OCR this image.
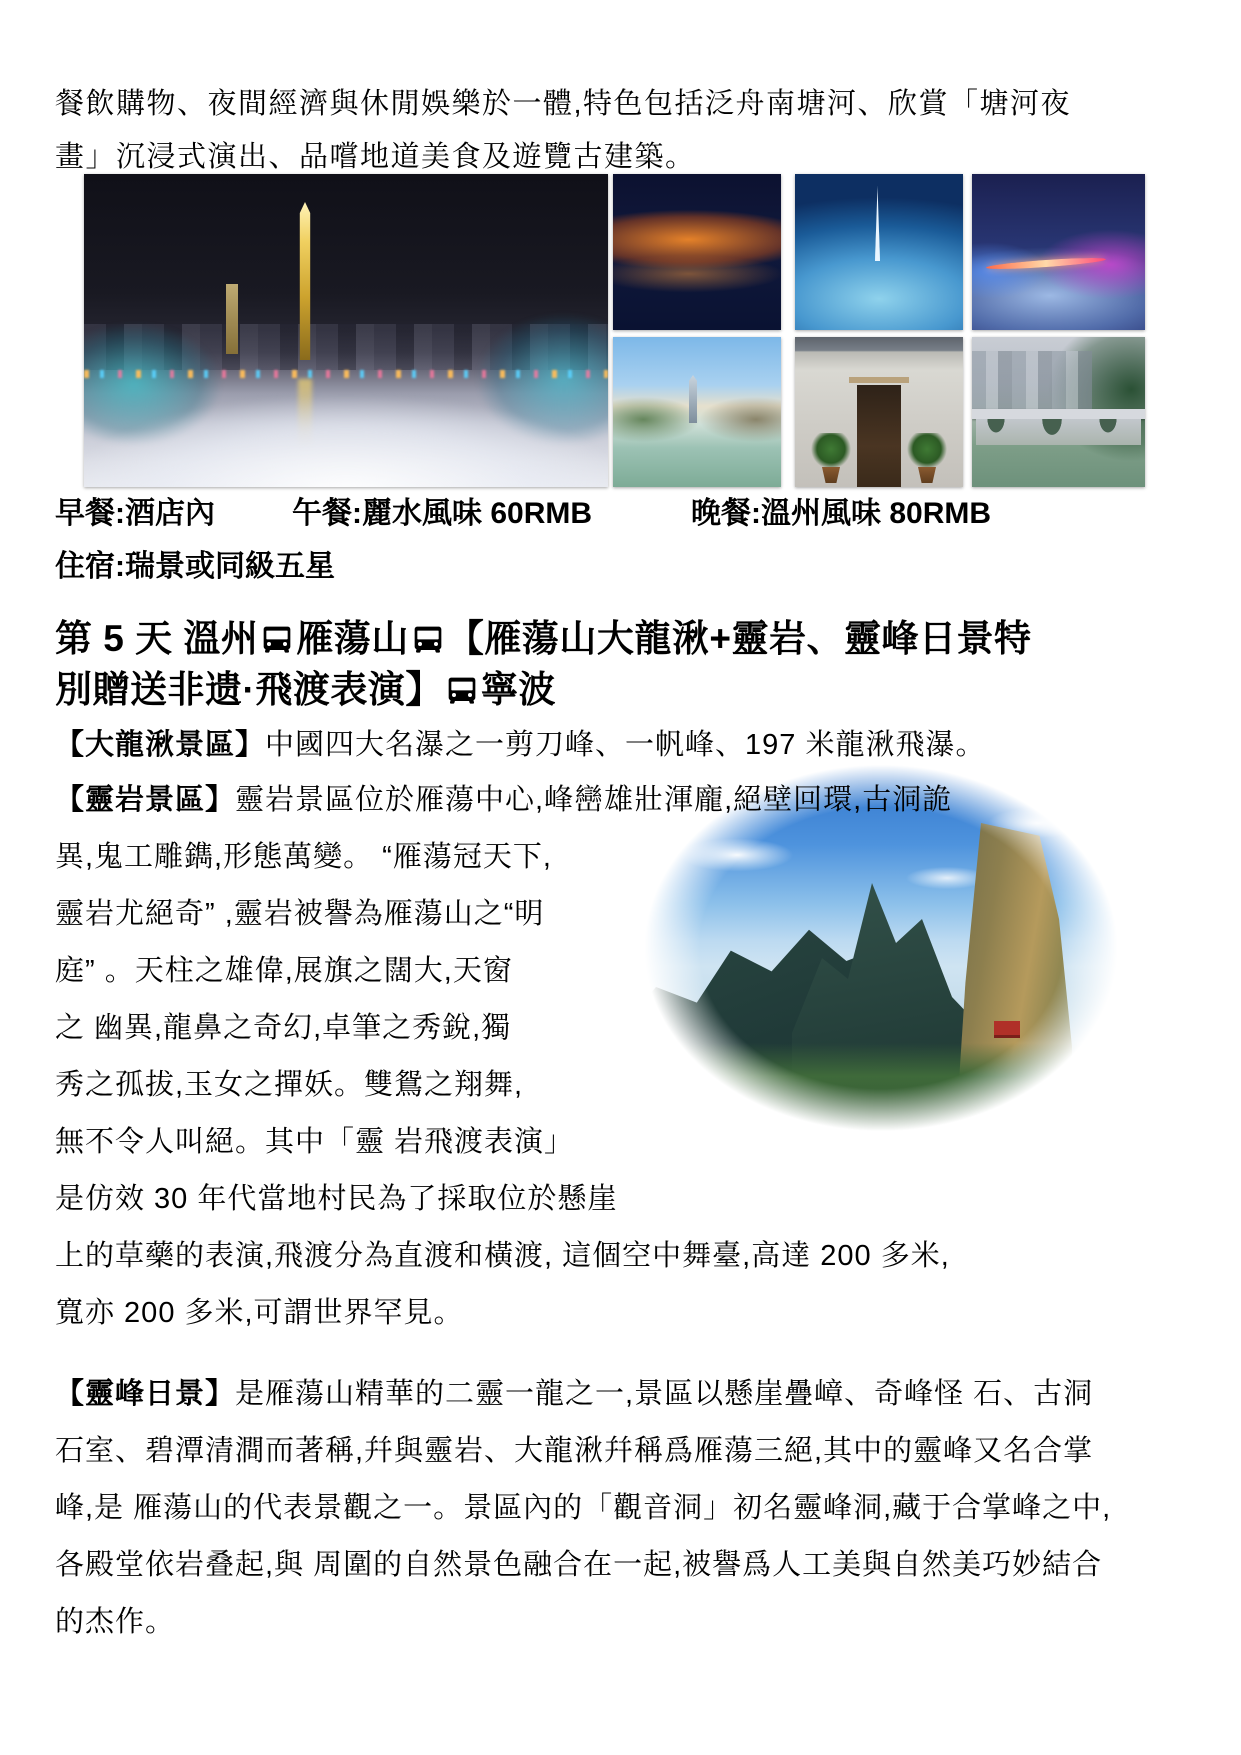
餐飲購物、夜間經濟與休閒娛樂於一體,特色包括泛舟南塘河、欣賞「塘河夜畫」沉浸式演出、品嚐地道美食及遊覽古建築。

早餐:酒店內	午餐:麗水風味 60RMB	晚餐:溫州風味 80RMB
住宿:瑞景或同級五星
第 5 天 溫州 雁蕩山 【雁蕩山大龍湫+靈岩、靈峰日景特別贈送非遗·飛渡表演】 寧波

【大龍湫景區】中國四大名瀑之一剪刀峰、一帆峰、197 米龍湫飛瀑。

【靈岩景區】靈岩景區位於雁蕩中心,峰巒雄壯渾龐,絕壁回環,古洞詭
異,鬼工雕鐫,形態萬變。 “雁蕩冠天下,
靈岩尤絕奇” ,靈岩被譽為雁蕩山之“明
庭” 。天柱之雄偉,展旗之闊大,天窗
之 幽異,龍鼻之奇幻,卓筆之秀銳,獨
秀之孤拔,玉女之撣妖。雙鴛之翔舞,
無不令人叫絕。其中「靈 岩飛渡表演」
是仿效 30 年代當地村民為了採取位於懸崖
上的草藥的表演,飛渡分為直渡和橫渡, 這個空中舞臺,高達 200 多米,
寬亦 200 多米,可謂世界罕見。

【靈峰日景】是雁蕩山精華的二靈一龍之一,景區以懸崖疊嶂、奇峰怪 石、古洞石室、碧潭清澗而著稱,幷與靈岩、大龍湫幷稱爲雁蕩三絕,其中的靈峰又名合掌峰,是 雁蕩山的代表景觀之一。景區內的「觀音洞」初名靈峰洞,藏于合掌峰之中,各殿堂依岩叠起,與 周圍的自然景色融合在一起,被譽爲人工美與自然美巧妙結合的杰作。
